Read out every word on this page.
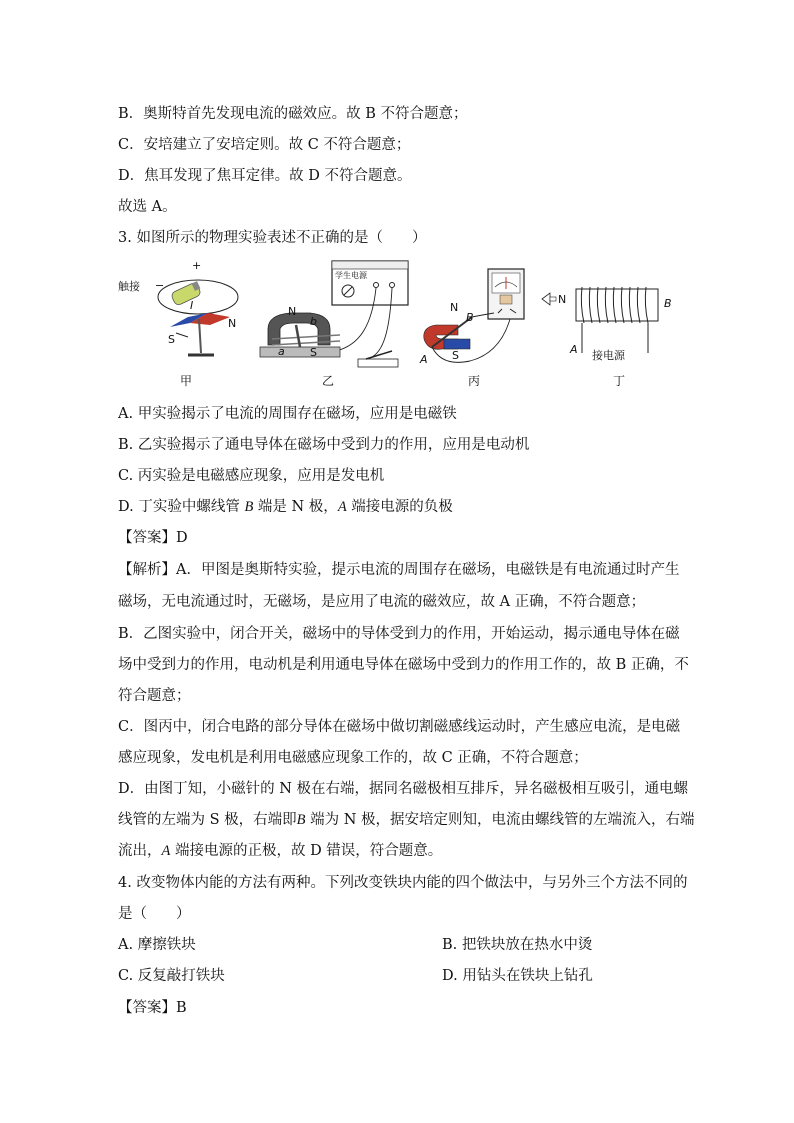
B．奥斯特首先发现电流的磁效应。故 B 不符合题意；
C．安培建立了安培定则。故 C 不符合题意；
D．焦耳发现了焦耳定律。故 D 不符合题意。
故选 A。
3. 如图所示的物理实验表述不正确的是（　　）
触接
+
−
I
N
S
甲
学生电源
N
S
a
b
乙
N
S
A
B
丙
N	B
A 接电源
丁
A. 甲实验揭示了电流的周围存在磁场，应用是电磁铁
B. 乙实验揭示了通电导体在磁场中受到力的作用，应用是电动机
C. 丙实验是电磁感应现象，应用是发电机
D. 丁实验中螺线管 B 端是 N 极，A 端接电源的负极
【答案】D
【解析】A．甲图是奥斯特实验，提示电流的周围存在磁场，电磁铁是有电流通过时产生
磁场，无电流通过时，无磁场，是应用了电流的磁效应，故 A 正确，不符合题意；
B．乙图实验中，闭合开关，磁场中的导体受到力的作用，开始运动，揭示通电导体在磁
场中受到力的作用，电动机是利用通电导体在磁场中受到力的作用工作的，故 B 正确，不
符合题意；
C．图丙中，闭合电路的部分导体在磁场中做切割磁感线运动时，产生感应电流，是电磁
感应现象，发电机是利用电磁感应现象工作的，故 C 正确，不符合题意；
D．由图丁知，小磁针的 N 极在右端，据同名磁极相互排斥，异名磁极相互吸引，通电螺
线管的左端为 S 极，右端即B 端为 N 极，据安培定则知，电流由螺线管的左端流入，右端
流出，A 端接电源的正极，故 D 错误，符合题意。
4. 改变物体内能的方法有两种。下列改变铁块内能的四个做法中，与另外三个方法不同的
是（　　）
A. 摩擦铁块	B. 把铁块放在热水中烫
C. 反复敲打铁块	D. 用钻头在铁块上钻孔
【答案】B
